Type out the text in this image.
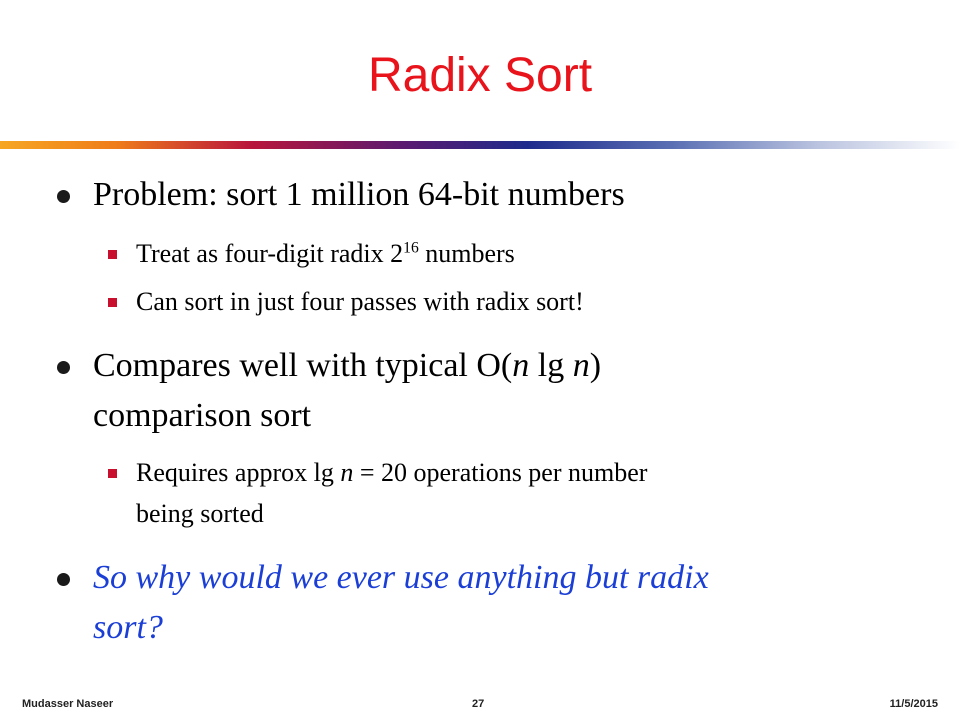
Radix Sort
Problem: sort 1 million 64-bit numbers
Treat as four-digit radix $2^{16}$ numbers
Can sort in just four passes with radix sort!
Compares well with typical O(n lg n)
comparison sort
Requires approx lg n = 20 operations per number
being sorted
So why would we ever use anything but radix
sort?
Mudasser Naseer	27	11/5/2015
